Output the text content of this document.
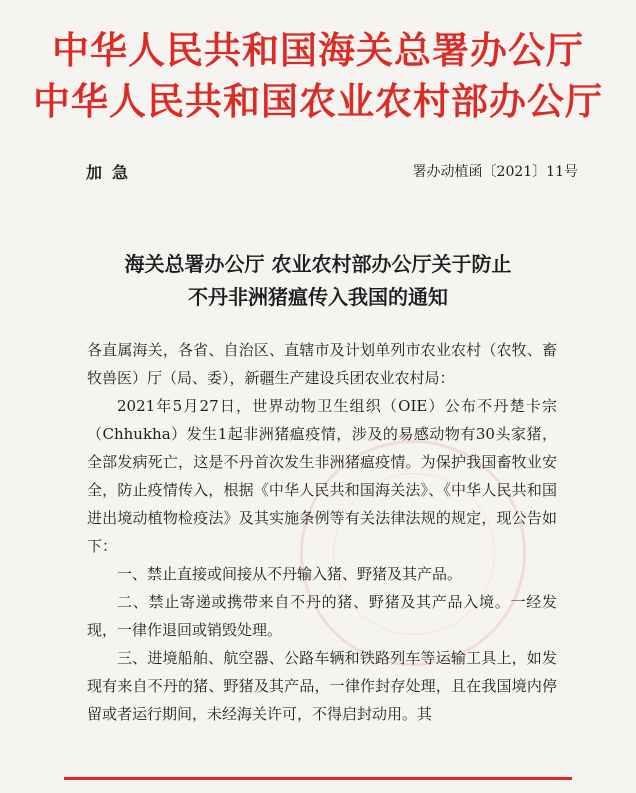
中华人民共和国海关总署办公厅
中华人民共和国农业农村部办公厅
加急	署办动植函〔2021〕11号
海关总署办公厅 农业农村部办公厅关于防止
不丹非洲猪瘟传入我国的通知
各直属海关，各省、自治区、直辖市及计划单列市农业农村（农牧、畜牧兽医）厅（局、委），新疆生产建设兵团农业农村局：
2021年5月27日，世界动物卫生组织（OIE）公布不丹楚卡宗（Chhukha）发生1起非洲猪瘟疫情，涉及的易感动物有30头家猪，全部发病死亡，这是不丹首次发生非洲猪瘟疫情。为保护我国畜牧业安全，防止疫情传入，根据《中华人民共和国海关法》、《中华人民共和国进出境动植物检疫法》及其实施条例等有关法律法规的规定，现公告如下：
一、禁止直接或间接从不丹输入猪、野猪及其产品。
二、禁止寄递或携带来自不丹的猪、野猪及其产品入境。一经发现，一律作退回或销毁处理。
三、进境船舶、航空器、公路车辆和铁路列车等运输工具上，如发现有来自不丹的猪、野猪及其产品，一律作封存处理，且在我国境内停留或者运行期间，未经海关许可，不得启封动用。其
